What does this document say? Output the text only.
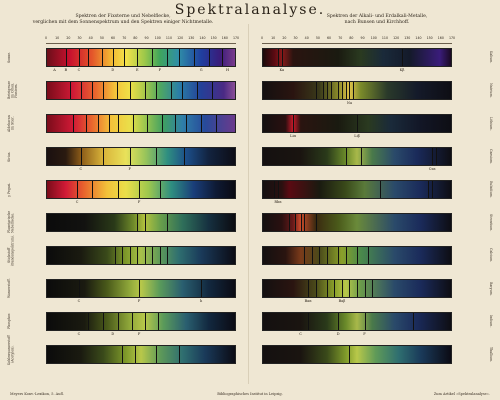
Spektralanalyse.
Spektren der Fixsterne und Nebelflecke,
verglichen mit dem Sonnenspektrum und den Spektren einiger Nichtmetalle.
0	10 20 30 40 50 60 70 80 90 100 110 120 130 140 150 160 170
Sonne.
A B	C	D	E	F	G	H
Beteigeuze im Orion. Fixstern.
Aldebaran im Stier.
Sirius.
C	F
γ Pegasi.
C	F
Planetarische Nebelflecke.
Stickstoff (Bandenspektrum).
Wasserstoff.
C	F	h
Phosphor.
C	D	F
Kohlenwasserstoff (Acetylen).
Spektren der Alkali- und Erdalkali-Metalle,
nach Bunsen und Kirchhoff.
0	10 20 30 40 50 60 70 80 90 100 110 120 130 140 150 160 170
Kalium.
Ka	Kβ
Natrium.
Na
Lithium.
Liα	Liβ
Caesium.
Csα
Rubidium.
Rbα
Strontium.
Calcium.
Baryum.
Baα	Baβ
Indium.
C	D	F
Thallium.
Meyers Konv.-Lexikon, 5. Aufl.	Bibliographisches Institut in Leipzig.	Zum Artikel »Spektralanalyse«.
